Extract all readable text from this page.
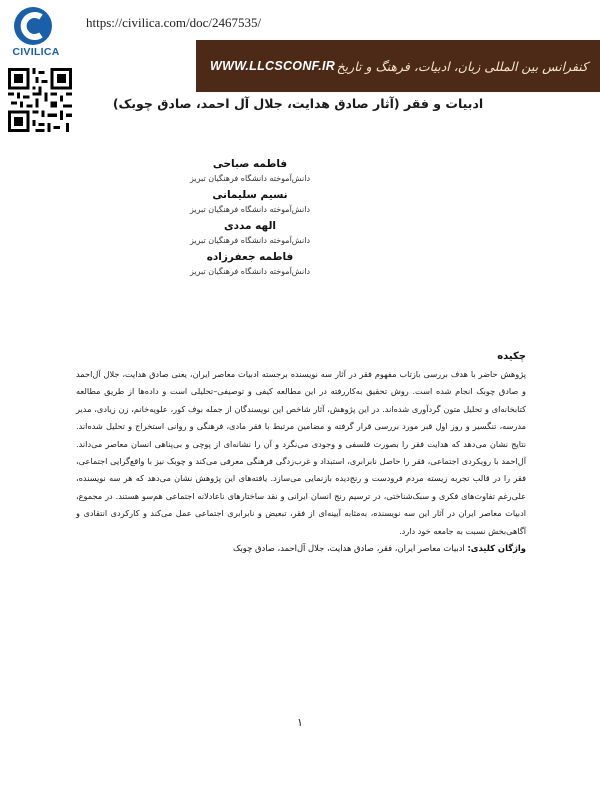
CIVILICA
https://civilica.com/doc/2467535/
WWW.LLCSCONF.IR کنفرانس بین المللی زبان، ادبیات، فرهنگ و تاریخ
ادبیات و فقر (آثار صادق هدایت، جلال آل احمد، صادق چوبک)
فاطمه صباحی
دانش‌آموخته دانشگاه فرهنگیان تبریز
نسیم سلیمانی
دانش‌آموخته دانشگاه فرهنگیان تبریز
الهه مددی
دانش‌آموخته دانشگاه فرهنگیان تبریز
فاطمه جعفرزاده
دانش‌آموخته دانشگاه فرهنگیان تبریز
چکیده
پژوهش حاضر با هدف بررسی بازتاب مفهوم فقر در آثار سه نویسنده برجسته ادبیات معاصر ایران، یعنی صادق هدایت، جلال آل‌احمد و صادق چوبک انجام شده است. روش تحقیق به‌کاررفته در این مطالعه کیفی و توصیفی–تحلیلی است و داده‌ها از طریق مطالعه کتابخانه‌ای و تحلیل متون گردآوری شده‌اند. در این پژوهش، آثار شاخص این نویسندگان از جمله بوف کور، علویه‌خانم، زن زیادی، مدیر مدرسه، تنگسیر و روز اول قبر مورد بررسی قرار گرفته و مضامین مرتبط با فقر مادی، فرهنگی و روانی استخراج و تحلیل شده‌اند. نتایج نشان می‌دهد که هدایت فقر را بصورت فلسفی و وجودی می‌نگرد و آن را نشانه‌ای از پوچی و بی‌پناهی انسان معاصر می‌داند. آل‌احمد با رویکردی اجتماعی، فقر را حاصل نابرابری، استبداد و غرب‌زدگی فرهنگی معرفی می‌کند و چوبک نیز با واقع‌گرایی اجتماعی، فقر را در قالب تجربه زیسته مردم فرودست و رنج‌دیده بازنمایی می‌سازد. یافته‌های این پژوهش نشان می‌دهد که هر سه نویسنده، علی‌رغم تفاوت‌های فکری و سبک‌شناختی، در ترسیم رنج انسان ایرانی و نقد ساختارهای ناعادلانه اجتماعی هم‌سو هستند. در مجموع، ادبیات معاصر ایران در آثار این سه نویسنده، به‌مثابه آیینه‌ای از فقر، تبعیض و نابرابری اجتماعی عمل می‌کند و کارکردی انتقادی و آگاهی‌بخش نسبت به جامعه خود دارد.
واژگان کلیدی: ادبیات معاصر ایران، فقر، صادق هدایت، جلال آل‌احمد، صادق چوبک
۱
